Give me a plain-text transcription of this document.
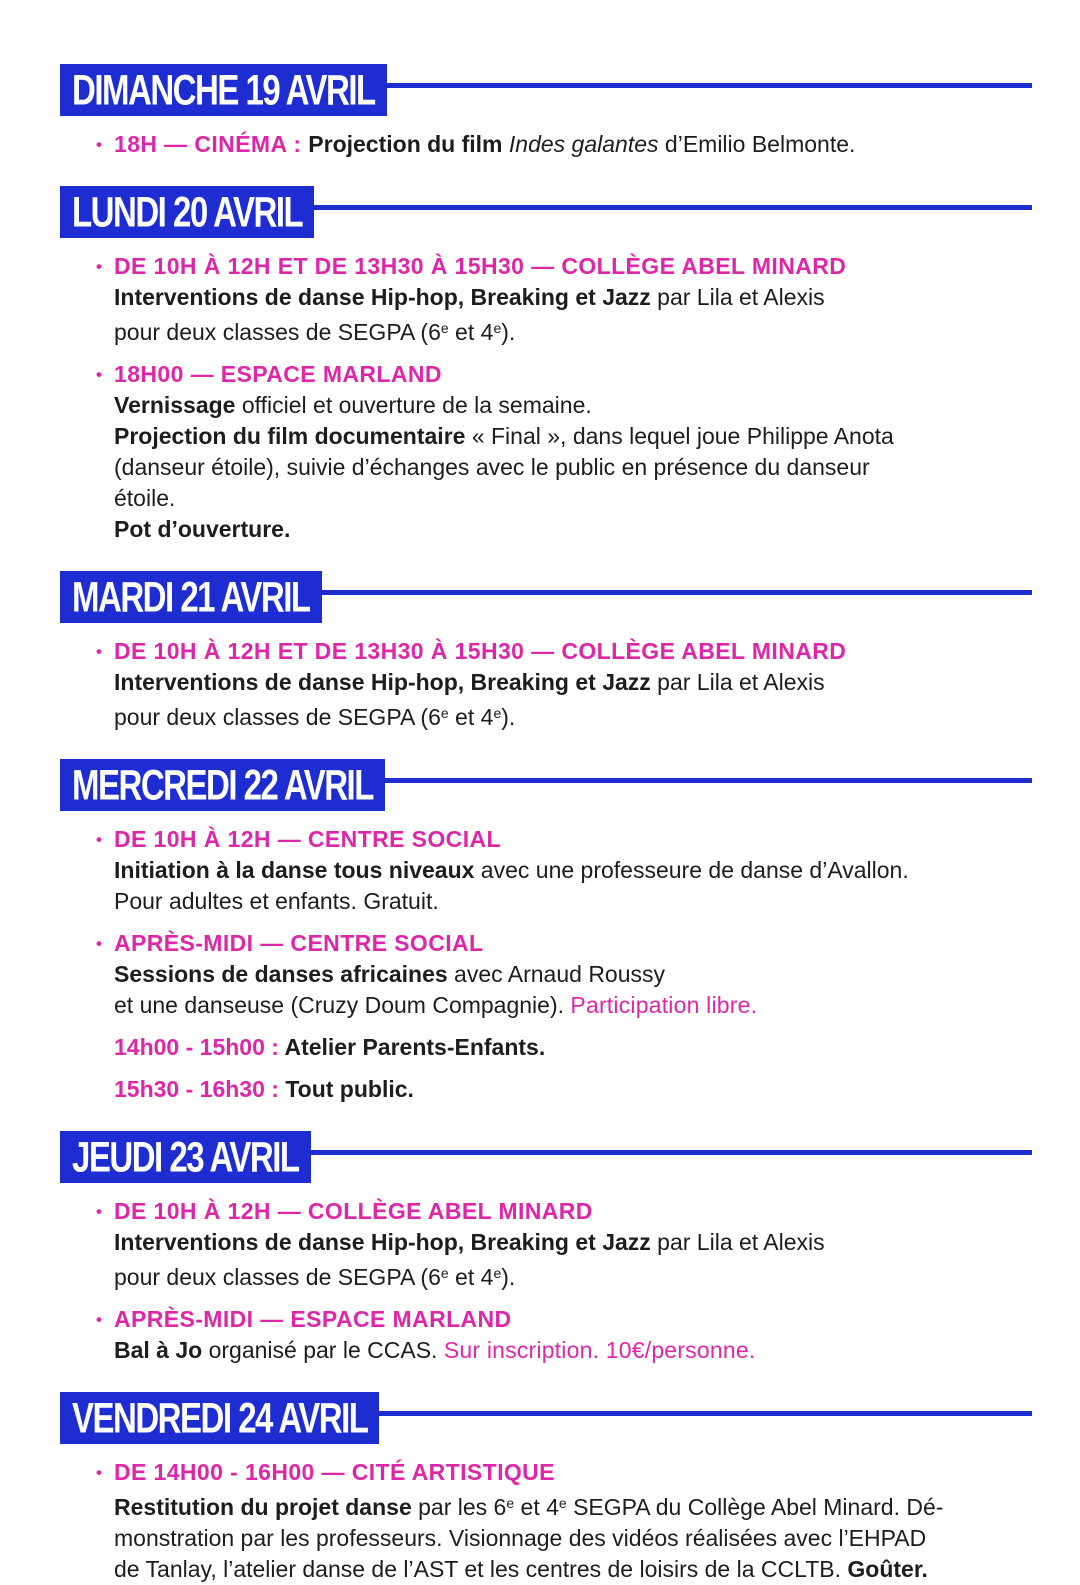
DIMANCHE 19 AVRIL
• 18H — CINÉMA : Projection du film Indes galantes d’Emilio Belmonte.
LUNDI 20 AVRIL
• DE 10H À 12H ET DE 13H30 À 15H30 — COLLÈGE ABEL MINARD
Interventions de danse Hip-hop, Breaking et Jazz par Lila et Alexis
pour deux classes de SEGPA (6e et 4e).
• 18H00 — ESPACE MARLAND
Vernissage officiel et ouverture de la semaine.
Projection du film documentaire « Final », dans lequel joue Philippe Anota
(danseur étoile), suivie d’échanges avec le public en présence du danseur
étoile.
Pot d’ouverture.
MARDI 21 AVRIL
• DE 10H À 12H ET DE 13H30 À 15H30 — COLLÈGE ABEL MINARD
Interventions de danse Hip-hop, Breaking et Jazz par Lila et Alexis
pour deux classes de SEGPA (6e et 4e).
MERCREDI 22 AVRIL
• DE 10H À 12H — CENTRE SOCIAL
Initiation à la danse tous niveaux avec une professeure de danse d’Avallon.
Pour adultes et enfants. Gratuit.
• APRÈS-MIDI — CENTRE SOCIAL
Sessions de danses africaines avec Arnaud Roussy
et une danseuse (Cruzy Doum Compagnie). Participation libre.
14h00 - 15h00 : Atelier Parents-Enfants.
15h30 - 16h30 : Tout public.
JEUDI 23 AVRIL
• DE 10H À 12H — COLLÈGE ABEL MINARD
Interventions de danse Hip-hop, Breaking et Jazz par Lila et Alexis
pour deux classes de SEGPA (6e et 4e).
• APRÈS-MIDI — ESPACE MARLAND
Bal à Jo organisé par le CCAS. Sur inscription. 10€/personne.
VENDREDI 24 AVRIL
• DE 14H00 - 16H00 — CITÉ ARTISTIQUE
Restitution du projet danse par les 6e et 4e SEGPA du Collège Abel Minard. Dé-
monstration par les professeurs. Visionnage des vidéos réalisées avec l’EHPAD
de Tanlay, l’atelier danse de l’AST et les centres de loisirs de la CCLTB. Goûter.
